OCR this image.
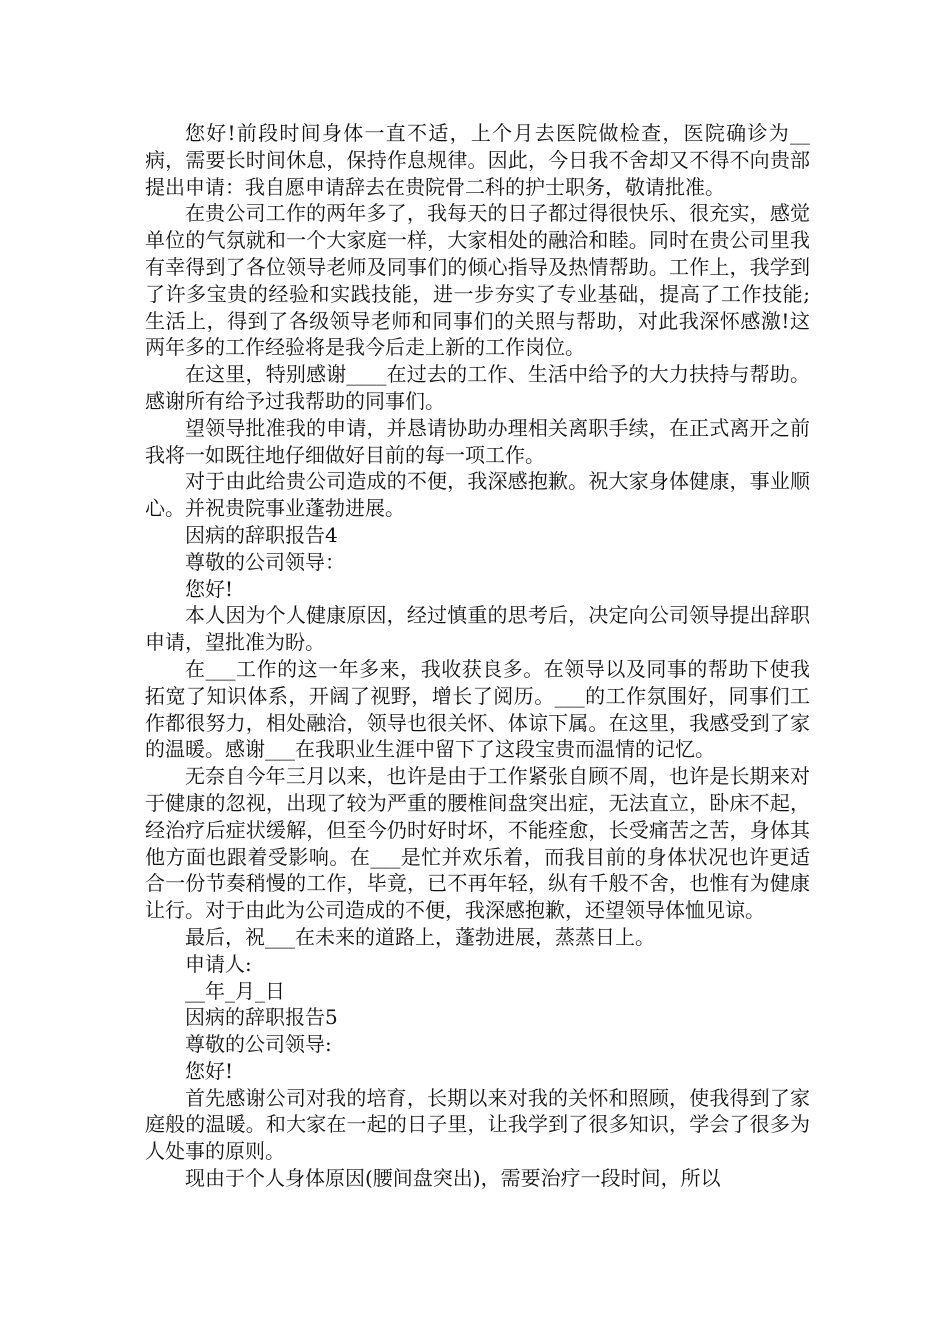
您好!前段时间身体一直不适，上个月去医院做检查，医院确诊为__病，需要长时间休息，保持作息规律。因此，今日我不舍却又不得不向贵部提出申请：我自愿申请辞去在贵院骨二科的护士职务，敬请批准。

在贵公司工作的两年多了，我每天的日子都过得很快乐、很充实，感觉单位的气氛就和一个大家庭一样，大家相处的融洽和睦。同时在贵公司里我有幸得到了各位领导老师及同事们的倾心指导及热情帮助。工作上，我学到了许多宝贵的经验和实践技能，进一步夯实了专业基础，提高了工作技能;生活上，得到了各级领导老师和同事们的关照与帮助，对此我深怀感激!这两年多的工作经验将是我今后走上新的工作岗位。

在这里，特别感谢____在过去的工作、生活中给予的大力扶持与帮助。感谢所有给予过我帮助的同事们。

望领导批准我的申请，并恳请协助办理相关离职手续，在正式离开之前我将一如既往地仔细做好目前的每一项工作。

对于由此给贵公司造成的不便，我深感抱歉。祝大家身体健康，事业顺心。并祝贵院事业蓬勃进展。

因病的辞职报告4

尊敬的公司领导：

您好!

本人因为个人健康原因，经过慎重的思考后，决定向公司领导提出辞职申请，望批准为盼。

在___工作的这一年多来，我收获良多。在领导以及同事的帮助下使我拓宽了知识体系，开阔了视野，增长了阅历。___的工作氛围好，同事们工作都很努力，相处融洽，领导也很关怀、体谅下属。在这里，我感受到了家的温暖。感谢___在我职业生涯中留下了这段宝贵而温情的记忆。

无奈自今年三月以来，也许是由于工作紧张自顾不周，也许是长期来对于健康的忽视，出现了较为严重的腰椎间盘突出症，无法直立，卧床不起，经治疗后症状缓解，但至今仍时好时坏，不能痊愈，长受痛苦之苦，身体其他方面也跟着受影响。在___是忙并欢乐着，而我目前的身体状况也许更适合一份节奏稍慢的工作，毕竟，已不再年轻，纵有千般不舍，也惟有为健康让行。对于由此为公司造成的不便，我深感抱歉，还望领导体恤见谅。

最后，祝___在未来的道路上，蓬勃进展，蒸蒸日上。

申请人:

__年_月_日

因病的辞职报告5

尊敬的公司领导:

您好!

首先感谢公司对我的培育，长期以来对我的关怀和照顾，使我得到了家庭般的温暖。和大家在一起的日子里，让我学到了很多知识，学会了很多为人处事的原则。

现由于个人身体原因(腰间盘突出)，需要治疗一段时间，所以
